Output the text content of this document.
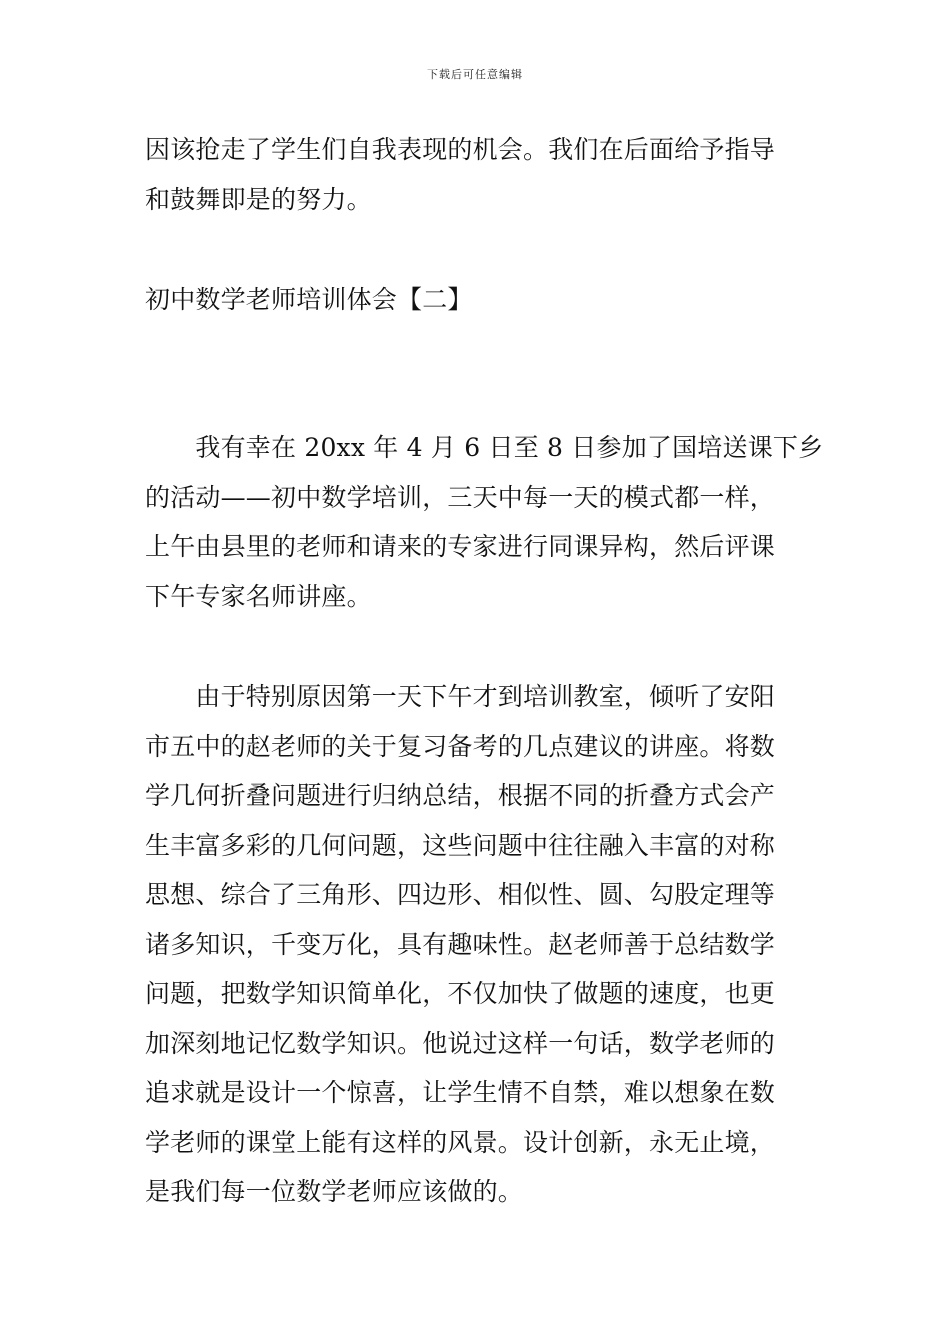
下载后可任意编辑
因该抢走了学生们自我表现的机会。我们在后面给予指导
和鼓舞即是的努力。
初中数学老师培训体会【二】
　　我有幸在 20xx 年 4 月 6 日至 8 日参加了国培送课下乡
的活动——初中数学培训，三天中每一天的模式都一样，
上午由县里的老师和请来的专家进行同课异构，然后评课
下午专家名师讲座。
　　由于特别原因第一天下午才到培训教室，倾听了安阳
市五中的赵老师的关于复习备考的几点建议的讲座。将数
学几何折叠问题进行归纳总结，根据不同的折叠方式会产
生丰富多彩的几何问题，这些问题中往往融入丰富的对称
思想、综合了三角形、四边形、相似性、圆、勾股定理等
诸多知识，千变万化，具有趣味性。赵老师善于总结数学
问题，把数学知识简单化，不仅加快了做题的速度，也更
加深刻地记忆数学知识。他说过这样一句话，数学老师的
追求就是设计一个惊喜，让学生情不自禁，难以想象在数
学老师的课堂上能有这样的风景。设计创新，永无止境，
是我们每一位数学老师应该做的。
